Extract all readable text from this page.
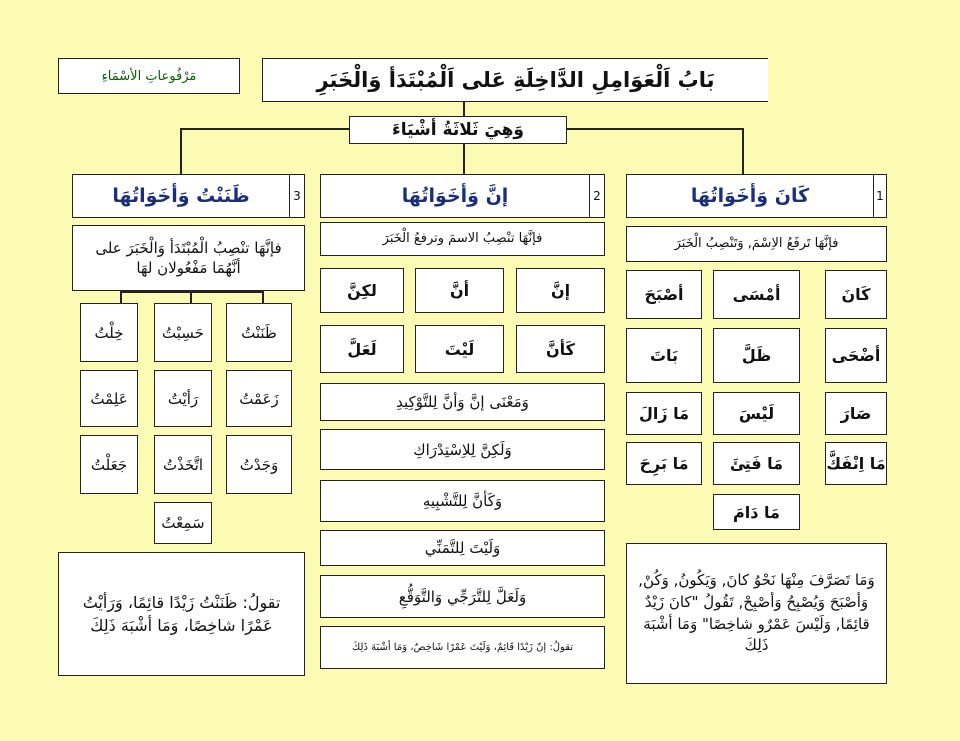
مَرْفُوعاتِ الأسْمَاءِ	بَابُ اَلْعَوَامِلِ الدَّاخِلَةِ عَلى اَلْمُبْتَدَأ وَالْخَبَرِ
وَهِيَ ثَلاثَةُ أشْيَاءَ
كَانَ وَأخَوَاتُهَا	1
فإنَّهَا تَرفَعُ الاِسْمَ, وَتَنْصِبُ الْخَبَرَ
كَانَ
أمْسَى
أصْبَحَ
أضْحَى
ظَلَّ
بَاتَ
صَارَ
لَيْسَ
مَا زَالَ
مَا اِنْفَكَّ
مَا فَتِئَ
مَا بَرِحَ
مَا دَامَ
وَمَا تَصَرَّفَ مِنْهَا نَحْوُ كانَ, وَيَكُونُ, وَكُنْ, وَأصْبَحَ وَيُصْبِحُ وَأصْبِحْ, تَقُولُ "كانَ زَيْدٌ قائِمًا, وَلَيْسَ عَمْرٌو شاخِصًا" وَمَا أشْبَهَ ذَلِكَ
إنَّ وَأخَوَاتُهَا	2
فإنَّهَا تنْصِبُ الاسمَ وترفعُ الْخَبَرَ
إنَّ
أنَّ
لكِنَّ
كَأنَّ
لَيْتَ
لَعَلَّ
وَمَعْنَى إنَّ وَأنَّ لِلتَّوْكِيدِ
وَلَكِنَّ لِلاِسْتِدْرَاكِ
وَكَأنَّ لِلتَّشْبِيهِ
وَلَيْتَ لِلتَّمَنِّي
وَلَعَلَّ لِلتَّرَجِّي وَالتَّوَقُّعِ
تقولُ: إنّ زَيْدًا قَائِمٌ، وَلَيْتَ عَمْرًا شَاخِصٌ، وَمَا أشْبَهَ ذَلِكَ
ظَنَنْتُ وَأخَوَاتُهَا	3
فإنَّهَا تنْصِبُ الْمُبْتَدَأ وَالْخَبَرَ على أنَّهُمَا مَفْعُولان لهَا
ظَنَنْتُ
حَسِبْتُ
خِلْتُ
زَعَمْتُ
رَأيْتُ
عَلِمْتُ
وَجَدْتُ
اتَّخَذْتُ
جَعَلْتُ
سَمِعْتُ
تقولُ: ظَنَنْتُ زَيْدًا قائِمًا، وَرَأيْتُ عَمْرًا شاخِصًا، وَمَا أشْبَهَ ذَلِكَ
